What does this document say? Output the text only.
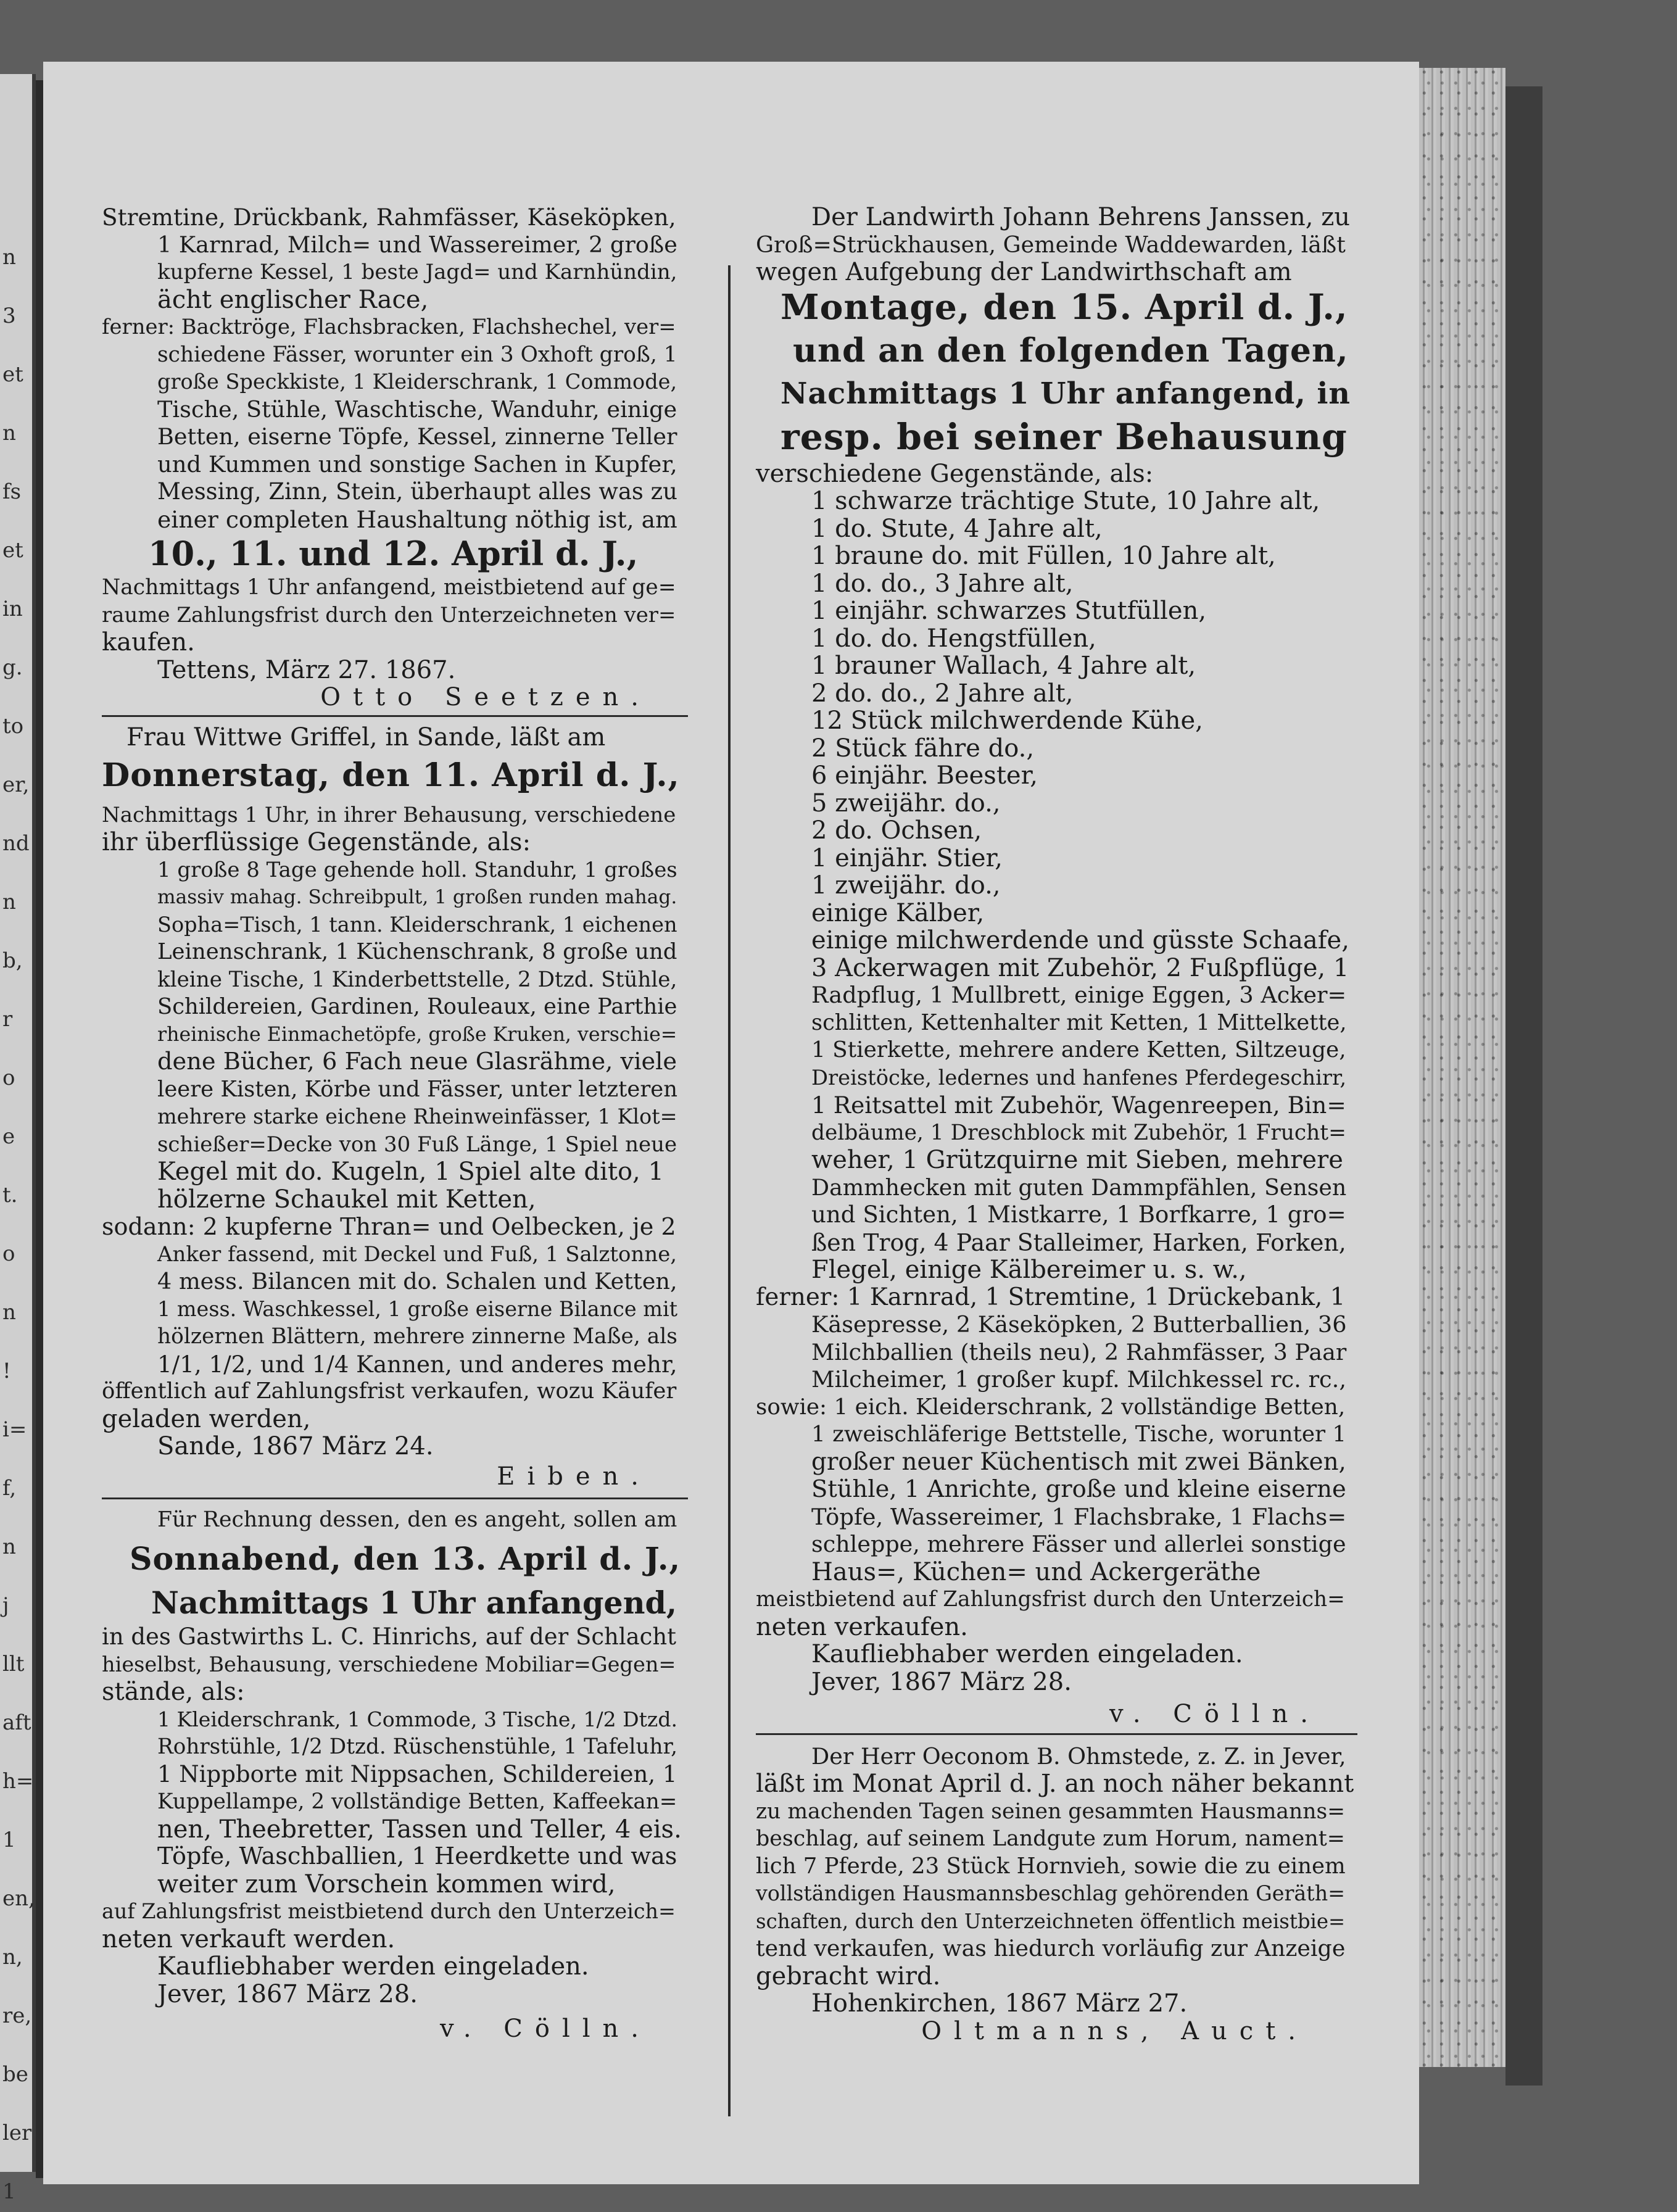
n
3
et
n
fs
et
in
g.
to
er,
nd
n
b,
r
o
e
t.
o
n
!
i=
f,
n
j
llt
aft
h=
1
en,
n,
re,
be
ler
1
Stremtine, Drückbank, Rahmfässer, Käseköpken,
1 Karnrad, Milch= und Wassereimer, 2 große
kupferne Kessel, 1 beste Jagd= und Karnhündin,
ächt englischer Race,
ferner: Backtröge, Flachsbracken, Flachshechel, ver=
schiedene Fässer, worunter ein 3 Oxhoft groß, 1
große Speckkiste, 1 Kleiderschrank, 1 Commode,
Tische, Stühle, Waschtische, Wanduhr, einige
Betten, eiserne Töpfe, Kessel, zinnerne Teller
und Kummen und sonstige Sachen in Kupfer,
Messing, Zinn, Stein, überhaupt alles was zu
einer completen Haushaltung nöthig ist, am
10., 11. und 12. April d. J.,
Nachmittags 1 Uhr anfangend, meistbietend auf ge=
raume Zahlungsfrist durch den Unterzeichneten ver=
kaufen.
Tettens, März 27. 1867.
Otto Seetzen.
Frau Wittwe Griffel, in Sande, läßt am
Donnerstag, den 11. April d. J.,
Nachmittags 1 Uhr, in ihrer Behausung, verschiedene
ihr überflüssige Gegenstände, als:
1 große 8 Tage gehende holl. Standuhr, 1 großes
massiv mahag. Schreibpult, 1 großen runden mahag.
Sopha=Tisch, 1 tann. Kleiderschrank, 1 eichenen
Leinenschrank, 1 Küchenschrank, 8 große und
kleine Tische, 1 Kinderbettstelle, 2 Dtzd. Stühle,
Schildereien, Gardinen, Rouleaux, eine Parthie
rheinische Einmachetöpfe, große Kruken, verschie=
dene Bücher, 6 Fach neue Glasrähme, viele
leere Kisten, Körbe und Fässer, unter letzteren
mehrere starke eichene Rheinweinfässer, 1 Klot=
schießer=Decke von 30 Fuß Länge, 1 Spiel neue
Kegel mit do. Kugeln, 1 Spiel alte dito, 1
hölzerne Schaukel mit Ketten,
sodann: 2 kupferne Thran= und Oelbecken, je 2
Anker fassend, mit Deckel und Fuß, 1 Salztonne,
4 mess. Bilancen mit do. Schalen und Ketten,
1 mess. Waschkessel, 1 große eiserne Bilance mit
hölzernen Blättern, mehrere zinnerne Maße, als
1/1, 1/2, und 1/4 Kannen, und anderes mehr,
öffentlich auf Zahlungsfrist verkaufen, wozu Käufer
geladen werden,
Sande, 1867 März 24.
Eiben.
Für Rechnung dessen, den es angeht, sollen am
Sonnabend, den 13. April d. J.,
Nachmittags 1 Uhr anfangend,
in des Gastwirths L. C. Hinrichs, auf der Schlacht
hieselbst, Behausung, verschiedene Mobiliar=Gegen=
stände, als:
1 Kleiderschrank, 1 Commode, 3 Tische, 1/2 Dtzd.
Rohrstühle, 1/2 Dtzd. Rüschenstühle, 1 Tafeluhr,
1 Nippborte mit Nippsachen, Schildereien, 1
Kuppellampe, 2 vollständige Betten, Kaffeekan=
nen, Theebretter, Tassen und Teller, 4 eis.
Töpfe, Waschballien, 1 Heerdkette und was
weiter zum Vorschein kommen wird,
auf Zahlungsfrist meistbietend durch den Unterzeich=
neten verkauft werden.
Kaufliebhaber werden eingeladen.
Jever, 1867 März 28.
v. Cölln.
Der Landwirth Johann Behrens Janssen, zu
Groß=Strückhausen, Gemeinde Waddewarden, läßt
wegen Aufgebung der Landwirthschaft am
Montage, den 15. April d. J.,
und an den folgenden Tagen,
Nachmittags 1 Uhr anfangend, in
resp. bei seiner Behausung
verschiedene Gegenstände, als:
1 schwarze trächtige Stute, 10 Jahre alt,
1 do. Stute, 4 Jahre alt,
1 braune do. mit Füllen, 10 Jahre alt,
1 do. do., 3 Jahre alt,
1 einjähr. schwarzes Stutfüllen,
1 do. do. Hengstfüllen,
1 brauner Wallach, 4 Jahre alt,
2 do. do., 2 Jahre alt,
12 Stück milchwerdende Kühe,
2 Stück fähre do.,
6 einjähr. Beester,
5 zweijähr. do.,
2 do. Ochsen,
1 einjähr. Stier,
1 zweijähr. do.,
einige Kälber,
einige milchwerdende und güsste Schaafe,
3 Ackerwagen mit Zubehör, 2 Fußpflüge, 1
Radpflug, 1 Mullbrett, einige Eggen, 3 Acker=
schlitten, Kettenhalter mit Ketten, 1 Mittelkette,
1 Stierkette, mehrere andere Ketten, Siltzeuge,
Dreistöcke, ledernes und hanfenes Pferdegeschirr,
1 Reitsattel mit Zubehör, Wagenreepen, Bin=
delbäume, 1 Dreschblock mit Zubehör, 1 Frucht=
weher, 1 Grützquirne mit Sieben, mehrere
Dammhecken mit guten Dammpfählen, Sensen
und Sichten, 1 Mistkarre, 1 Borfkarre, 1 gro=
ßen Trog, 4 Paar Stalleimer, Harken, Forken,
Flegel, einige Kälbereimer u. s. w.,
ferner: 1 Karnrad, 1 Stremtine, 1 Drückebank, 1
Käsepresse, 2 Käseköpken, 2 Butterballien, 36
Milchballien (theils neu), 2 Rahmfässer, 3 Paar
Milcheimer, 1 großer kupf. Milchkessel rc. rc.,
sowie: 1 eich. Kleiderschrank, 2 vollständige Betten,
1 zweischläferige Bettstelle, Tische, worunter 1
großer neuer Küchentisch mit zwei Bänken,
Stühle, 1 Anrichte, große und kleine eiserne
Töpfe, Wassereimer, 1 Flachsbrake, 1 Flachs=
schleppe, mehrere Fässer und allerlei sonstige
Haus=, Küchen= und Ackergeräthe
meistbietend auf Zahlungsfrist durch den Unterzeich=
neten verkaufen.
Kaufliebhaber werden eingeladen.
Jever, 1867 März 28.
v. Cölln.
Der Herr Oeconom B. Ohmstede, z. Z. in Jever,
läßt im Monat April d. J. an noch näher bekannt
zu machenden Tagen seinen gesammten Hausmanns=
beschlag, auf seinem Landgute zum Horum, nament=
lich 7 Pferde, 23 Stück Hornvieh, sowie die zu einem
vollständigen Hausmannsbeschlag gehörenden Geräth=
schaften, durch den Unterzeichneten öffentlich meistbie=
tend verkaufen, was hiedurch vorläufig zur Anzeige
gebracht wird.
Hohenkirchen, 1867 März 27.
Oltmanns, Auct.
